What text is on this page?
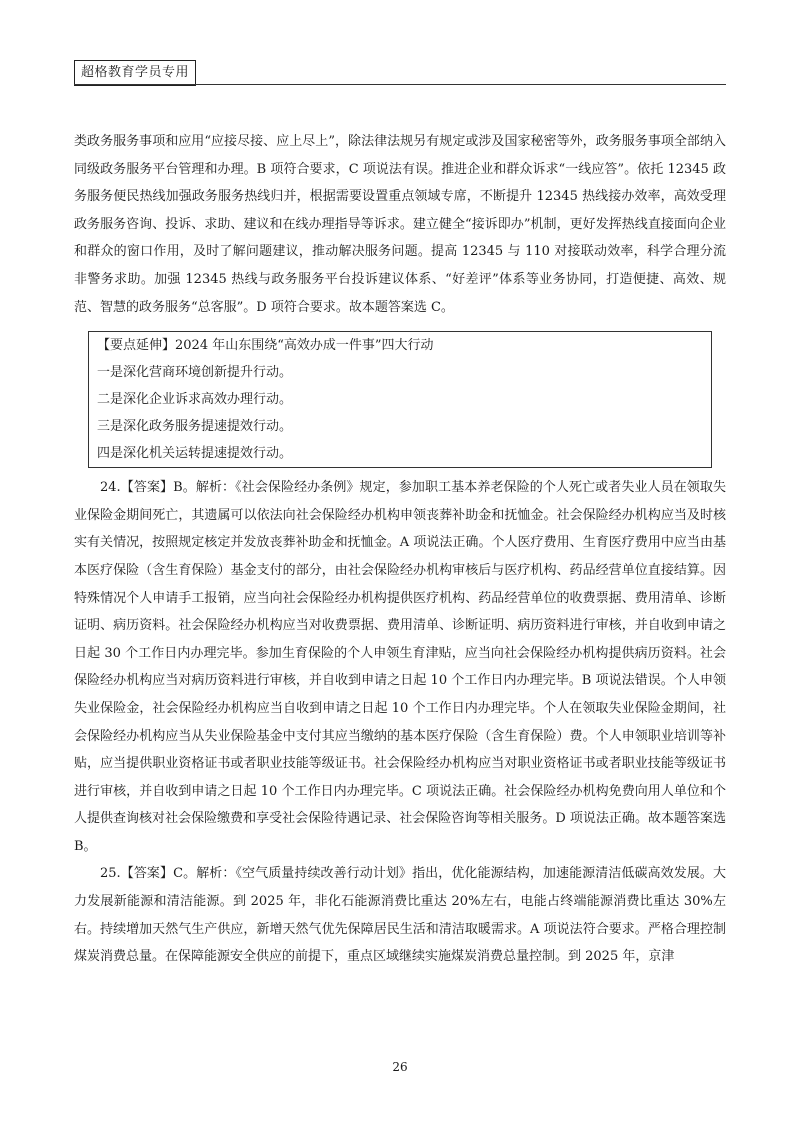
超格教育学员专用

类政务服务事项和应用“应接尽接、应上尽上”，除法律法规另有规定或涉及国家秘密等外，政务服务事项全部纳入同级政务服务平台管理和办理。B 项符合要求，C 项说法有误。推进企业和群众诉求“一线应答”。依托 12345 政务服务便民热线加强政务服务热线归并，根据需要设置重点领域专席，不断提升 12345 热线接办效率，高效受理政务服务咨询、投诉、求助、建议和在线办理指导等诉求。建立健全“接诉即办”机制，更好发挥热线直接面向企业和群众的窗口作用，及时了解问题建议，推动解决服务问题。提高 12345 与 110 对接联动效率，科学合理分流非警务求助。加强 12345 热线与政务服务平台投诉建议体系、“好差评”体系等业务协同，打造便捷、高效、规范、智慧的政务服务“总客服”。D 项符合要求。故本题答案选 C。

【要点延伸】2024 年山东围绕“高效办成一件事”四大行动

一是深化营商环境创新提升行动。

二是深化企业诉求高效办理行动。

三是深化政务服务提速提效行动。

四是深化机关运转提速提效行动。

24.【答案】B。解析：《社会保险经办条例》规定，参加职工基本养老保险的个人死亡或者失业人员在领取失业保险金期间死亡，其遗属可以依法向社会保险经办机构申领丧葬补助金和抚恤金。社会保险经办机构应当及时核实有关情况，按照规定核定并发放丧葬补助金和抚恤金。A 项说法正确。个人医疗费用、生育医疗费用中应当由基本医疗保险（含生育保险）基金支付的部分，由社会保险经办机构审核后与医疗机构、药品经营单位直接结算。因特殊情况个人申请手工报销，应当向社会保险经办机构提供医疗机构、药品经营单位的收费票据、费用清单、诊断证明、病历资料。社会保险经办机构应当对收费票据、费用清单、诊断证明、病历资料进行审核，并自收到申请之日起 30 个工作日内办理完毕。参加生育保险的个人申领生育津贴，应当向社会保险经办机构提供病历资料。社会保险经办机构应当对病历资料进行审核，并自收到申请之日起 10 个工作日内办理完毕。B 项说法错误。个人申领失业保险金，社会保险经办机构应当自收到申请之日起 10 个工作日内办理完毕。个人在领取失业保险金期间，社会保险经办机构应当从失业保险基金中支付其应当缴纳的基本医疗保险（含生育保险）费。个人申领职业培训等补贴，应当提供职业资格证书或者职业技能等级证书。社会保险经办机构应当对职业资格证书或者职业技能等级证书进行审核，并自收到申请之日起 10 个工作日内办理完毕。C 项说法正确。社会保险经办机构免费向用人单位和个人提供查询核对社会保险缴费和享受社会保险待遇记录、社会保险咨询等相关服务。D 项说法正确。故本题答案选 B。

25.【答案】C。解析：《空气质量持续改善行动计划》指出，优化能源结构，加速能源清洁低碳高效发展。大力发展新能源和清洁能源。到 2025 年，非化石能源消费比重达 20%左右，电能占终端能源消费比重达 30%左右。持续增加天然气生产供应，新增天然气优先保障居民生活和清洁取暖需求。A 项说法符合要求。严格合理控制煤炭消费总量。在保障能源安全供应的前提下，重点区域继续实施煤炭消费总量控制。到 2025 年，京津

26
